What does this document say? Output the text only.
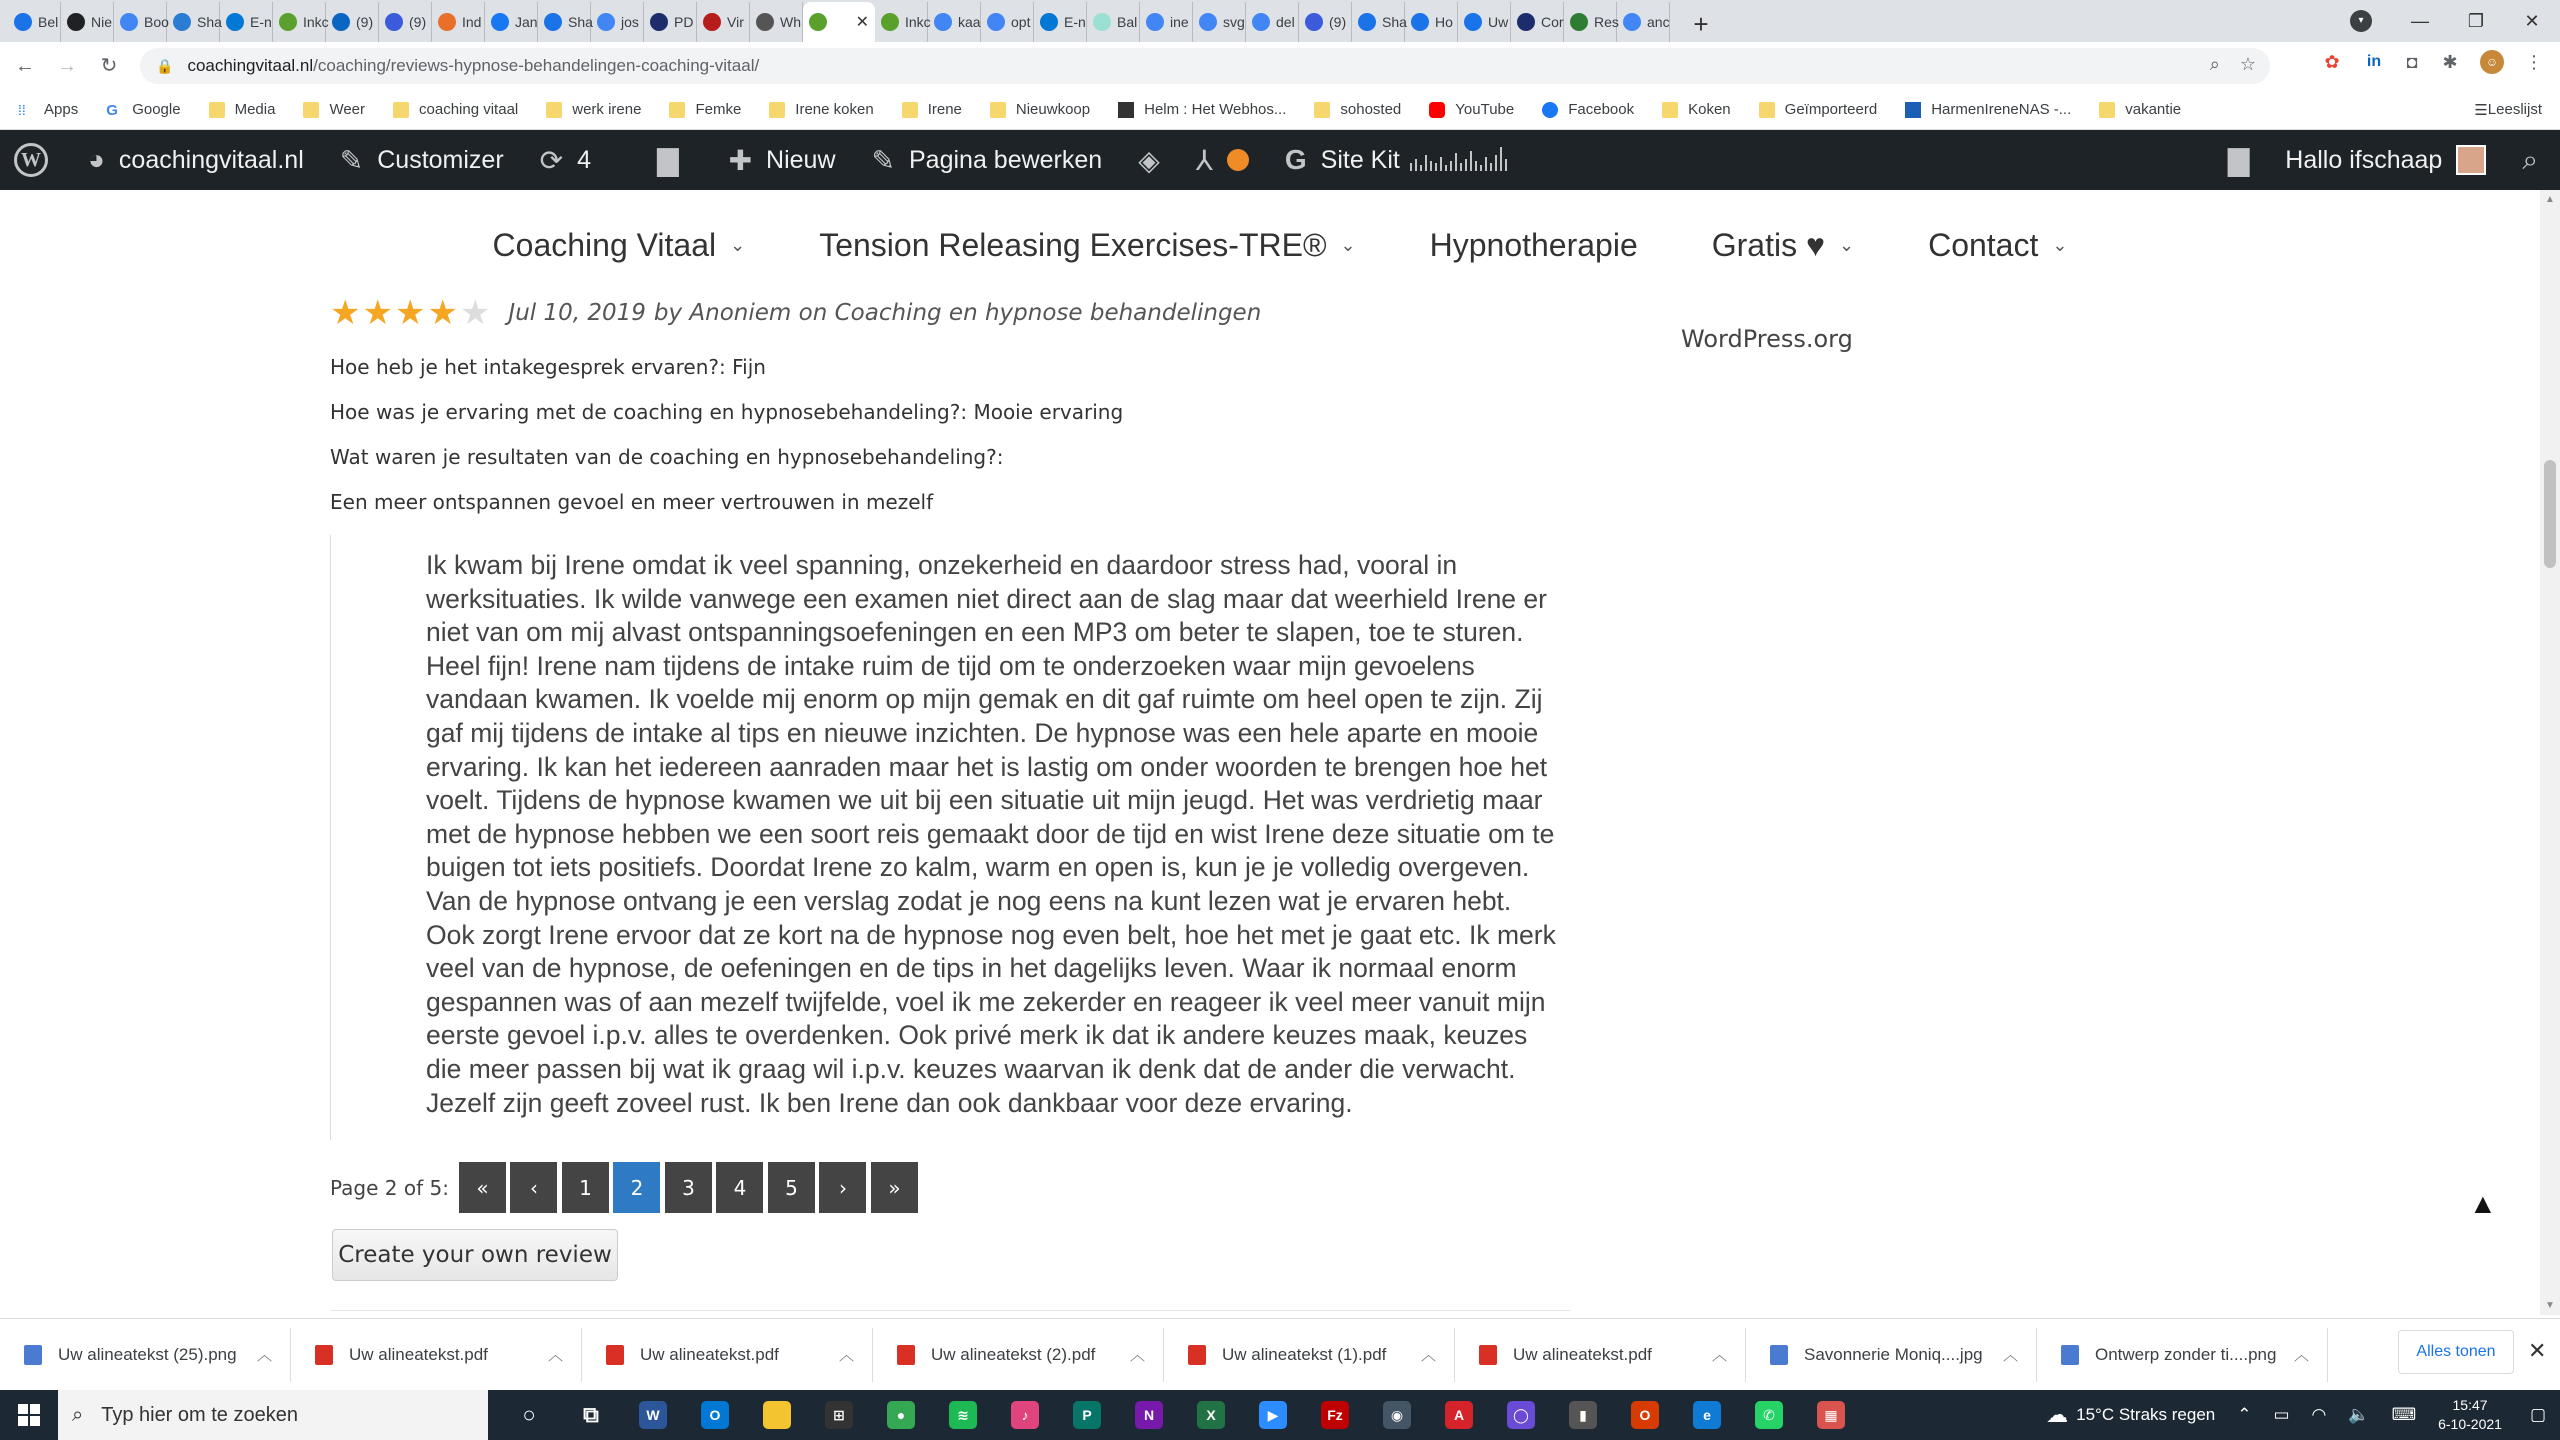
Bel Nie Boo Sha E-n Inkc (9)	(9)	Ind Jan Sha jos	PD Vir	Wh	✕	Inkc kaa opt E-n Bal ine svg del (9)	Sha Ho	Uw Cor Res anc +	▾	—	❐	✕
←	→	↻	🔒 coachingvitaal.nl /coaching/reviews-hypnose-behandelingen-coaching-vitaal/	⌕ ☆	✿	in	◘	✱	☺	⋮
⁞⁞	Apps G Google	Media	Weer	coaching vitaal	werk irene	Femke	Irene koken	Irene	Nieuwkoop	Helm : Het Webhos...	sohosted	YouTube	Facebook	Koken	Geïmporteerd	HarmenIreneNAS -...	vakantie	☰ Leeslijst
W ◕ coachingvitaal.nl ✎ Customizer ⟳ 4 ▇ ✚ Nieuw ✎ Pagina bewerken ◈ ⅄	G Site Kit	▇ Hallo ifschaap	⌕
Coaching Vitaal ⌄ Tension Releasing Exercises-TRE® ⌄ Hypnotherapie Gratis ♥ ⌄ Contact ⌄
★ ★ ★ ★ ★ Jul 10, 2019 by Anoniem on Coaching en hypnose behandelingen

Hoe heb je het intakegesprek ervaren?: Fijn

Hoe was je ervaring met de coaching en hypnosebehandeling?: Mooie ervaring

Wat waren je resultaten van de coaching en hypnosebehandeling?:

Een meer ontspannen gevoel en meer vertrouwen in mezelf

Ik kwam bij Irene omdat ik veel spanning, onzekerheid en daardoor stress had, vooral in werksituaties. Ik wilde vanwege een examen niet direct aan de slag maar dat weerhield Irene er niet van om mij alvast ontspanningsoefeningen en een MP3 om beter te slapen, toe te sturen. Heel fijn! Irene nam tijdens de intake ruim de tijd om te onderzoeken waar mijn gevoelens vandaan kwamen. Ik voelde mij enorm op mijn gemak en dit gaf ruimte om heel open te zijn. Zij gaf mij tijdens de intake al tips en nieuwe inzichten. De hypnose was een hele aparte en mooie ervaring. Ik kan het iedereen aanraden maar het is lastig om onder woorden te brengen hoe het voelt. Tijdens de hypnose kwamen we uit bij een situatie uit mijn jeugd. Het was verdrietig maar met de hypnose hebben we een soort reis gemaakt door de tijd en wist Irene deze situatie om te buigen tot iets positiefs. Doordat Irene zo kalm, warm en open is, kun je je volledig overgeven. Van de hypnose ontvang je een verslag zodat je nog eens na kunt lezen wat je ervaren hebt. Ook zorgt Irene ervoor dat ze kort na de hypnose nog even belt, hoe het met je gaat etc. Ik merk veel van de hypnose, de oefeningen en de tips in het dagelijks leven. Waar ik normaal enorm gespannen was of aan mezelf twijfelde, voel ik me zekerder en reageer ik veel meer vanuit mijn eerste gevoel i.p.v. alles te overdenken. Ook privé merk ik dat ik andere keuzes maak, keuzes die meer passen bij wat ik graag wil i.p.v. keuzes waarvan ik denk dat de ander die verwacht. Jezelf zijn geeft zoveel rust. Ik ben Irene dan ook dankbaar voor deze ervaring.
Page 2 of 5:	«	‹	1	2	3	4	5	›	»
Create your own review
WordPress.org
▲
▲
▼
Uw alineatekst (25).png	︿	Uw alineatekst.pdf	︿	Uw alineatekst.pdf	︿	Uw alineatekst (2).pdf	︿	Uw alineatekst (1).pdf	︿	Uw alineatekst.pdf	︿	Savonnerie Moniq....jpg	︿	Ontwerp zonder ti....png	︿	Alles tonen	✕
⌕ Typ hier om te zoeken	○	⧉	W	O	⊞	●	≋	♪	P	N	X	▶	Fz	◉	A	◯	▮	O	e	✆	▦	☁ 15°C Straks regen ⌃ ▭ ◠ 🔈 ⌨	15:47
6-10-2021 ▢
